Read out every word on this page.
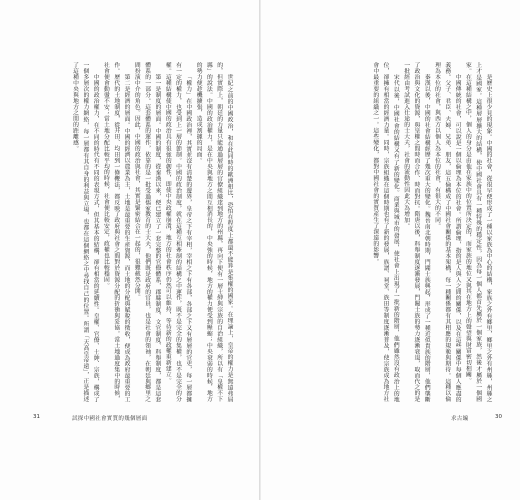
世紀之前的中國政治，和在此同時的歐洲相比，恐怕在程度上都還不能算是集權的國家。在理論上，皇帝的權力是無遠弗屆的，但實際上，朝廷的力量只能通過層層的官僚組織達到地方的州縣，再向下便有一層士紳與宗族的自治組織，所以有「皇權不下縣」的說法。中國的政治權力，是在中央與地方之間互相消長的，中央強的時候，地方的權力便受到壓縮；中央衰弱的時候，地方的勢力便趁機擴張，造成割據的局面。

「權力」在中國政治裡，其實並沒有清楚的邊界，皇帝之下有宰相，宰相之下有各部，各部之下又有層層的官吏，每一層都擁有一定的權力，也受到上一層的節制。中國的政治制度，就在這種互相牽制的結構之中運作，既不是完全的集權，也不是完全的分權。這種結構使中國的政治具有很強的韌性，即使中央政權崩潰，地方的社會秩序仍然可以維持，等待新的政權重新建立。

第一是制度的層面。中國的制度，從秦漢以來，便已建立了一套完整的官僚體系，郡縣制度、文官制度、科舉制度，都是這套體系的一部分。這套體系的運作，依靠的是一批受過儒家教育的士大夫，他們既是政府的官員，也是社會的領袖，在朝廷與鄉里之間扮演中介的角色。因此，中國的政治與社會，其實是緊密結合在一起的，很難截然分開。

第二是經濟的層面。中國的經濟以農業為主，土地是最重要的生產資源，而土地的分配與賦稅的徵收，便成為政府最重要的工作。歷代的土地制度，從井田、均田到一條鞭法，都反映了政府與社會之間對於資源分配的折衝與妥協。當土地過度集中的時候，社會便會動盪不安；當土地分配比較平均的時候，社會便比較安定，政權也比較穩固。

中國的政治權力，在不同的時代有不同的表現方式，但其基本的結構，卻有相當的延續性。皇權、官僚、士紳、宗族，構成了一個多層次的權力網絡，每一層都有其自身的利益與立場，也都在這個網絡之中尋找自己的位置。所謂「天高皇帝遠」，正是描述了這種中央與地方之間的距離感。

31	試探中國社會實質的幾個層面

是歷史上很少見的現象。中國的社會，從很早便形成了一種以家族為中心的結構，家族之外有鄉里，鄉里之外有州縣，州縣之上才是國家。這種層層擴大的結構，使中國社會具有一種特殊的穩定性，因為每一個人都首先屬於一個家族，然後才屬於一個國家。在這種結構之中，個人的身分是由他在家族中的位置所決定的，而家族的地位又與其在地方上的聲望與財富密切相關。

中國傳統的社會，可以說是一個以倫理為本位的社會。所謂倫理，指的是人與人之間的關係，以及在這些關係中每個人應盡的義務。父子、君臣、夫婦、兄弟、朋友，這五倫構成了中國社會關係的基本架構，每一種關係都有其相應的規範與期待。這種以倫理為本位的社會，與西方以個人為本位的社會，有很大的不同。

秦漢以後，中國的社會結構經歷了幾次重大的變化。魏晉南北朝時期，門閥士族興起，形成了一種近似貴族的階層，他們壟斷了政治與文化的資源，與皇權之間時而合作、時而對抗。隋唐以後，科舉制度逐漸發展，門閥士族的勢力逐漸衰退，取而代之的是一批經由考試進入仕途的士大夫，社會的流動性因此大為增加。

宋代以後，中國社會的結構又有了新的變化。商業與城市的發展，使社會上出現了一批新的階層，他們雖然沒有政治上的地位，卻擁有相當的經濟力量。同時，宗族組織在這個時期也有了新的發展，族譜、祠堂、族田等制度逐漸普及，使宗族成為地方社會中最重要的組織之一。這些變化，都對中國社會的實質產生了深遠的影響。

求古編	30
